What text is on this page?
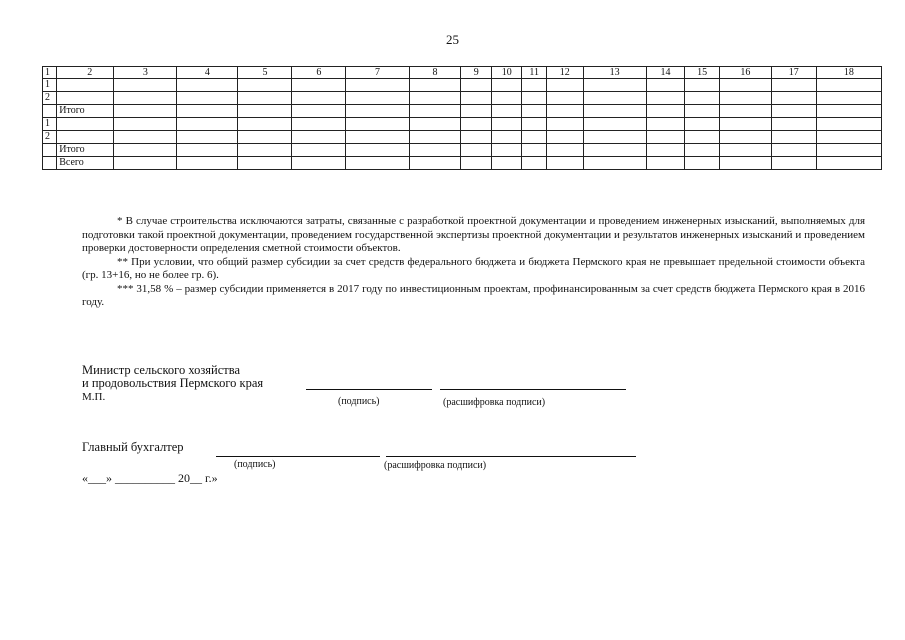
25
1	2	3	4	5	6	7	8	9	10	11	12	13	14	15	16	17	18
1																	
2																	
	Итого																
1																	
2																	
	Итого																
	Всего																

* В случае строительства исключаются затраты, связанные с разработкой проектной документации и проведением инженерных изысканий, выполняемых для подготовки такой проектной документации, проведением государственной экспертизы проектной документации и результатов инженерных изысканий и проведением проверки достоверности определения сметной стоимости объектов.

** При условии, что общий размер субсидии за счет средств федерального бюджета и бюджета Пермского края не превышает предельной стоимости объекта (гр. 13+16, но не более гр. 6).

*** 31,58 % – размер субсидии применяется в 2017 году по инвестиционным проектам, профинансированным за счет средств бюджета Пермского края в 2016 году.

Министр сельского хозяйства
и продовольствия Пермского края
М.П.	(подпись)	(расшифровка подписи)
Главный бухгалтер
(подпись)	(расшифровка подписи)
«___» __________ 20__ г.»
